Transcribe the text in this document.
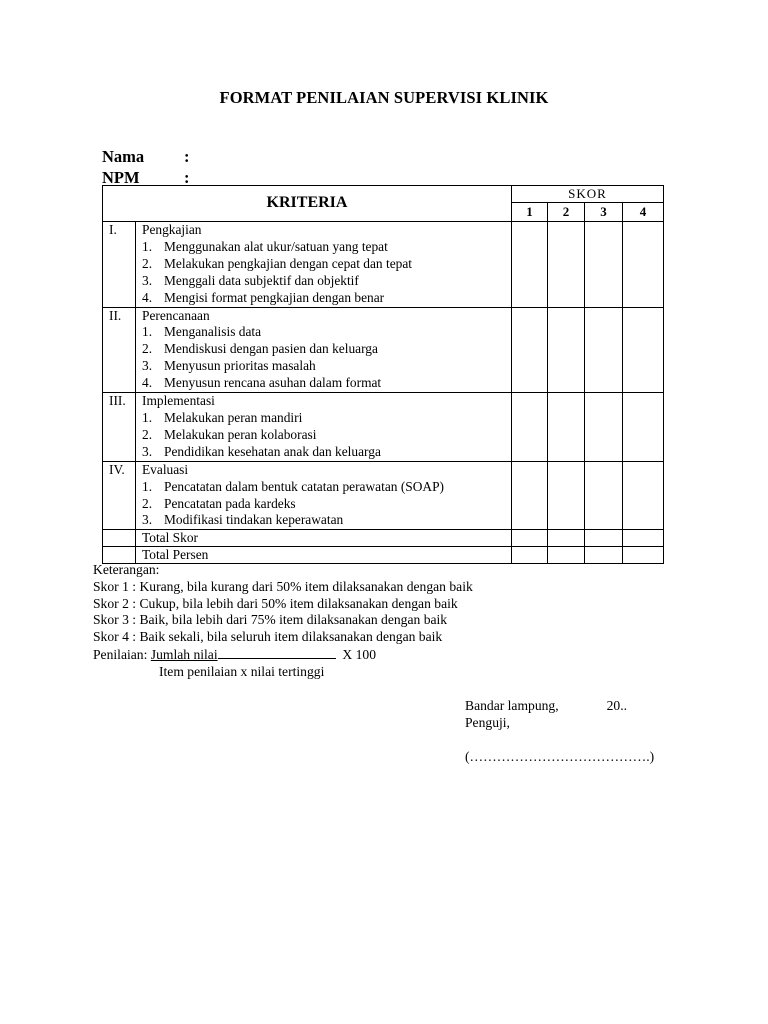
FORMAT PENILAIAN SUPERVISI KLINIK
Nama :
NPM	:
KRITERIA		SKOR			
		1	2	3	4
I.	Pengkajian
1. Menggunakan alat ukur/satuan yang tepat
2. Melakukan pengkajian dengan cepat dan tepat
3. Menggali data subjektif dan objektif
4. Mengisi format pengkajian dengan benar				

II.	Perencanaan
1. Menganalisis data
2. Mendiskusi dengan pasien dan keluarga
3. Menyusun prioritas masalah
4. Menyusun rencana asuhan dalam format				

III.	Implementasi
1. Melakukan peran mandiri
2. Melakukan peran kolaborasi
3. Pendidikan kesehatan anak dan keluarga				

IV.	Evaluasi
1. Pencatatan dalam bentuk catatan perawatan (SOAP)
2. Pencatatan pada kardeks
3. Modifikasi tindakan keperawatan				

	Total Skor				
	Total Persen				
Keterangan:
Skor 1 : Kurang, bila kurang dari 50% item dilaksanakan dengan baik
Skor 2 : Cukup, bila lebih dari 50% item dilaksanakan dengan baik
Skor 3 : Baik, bila lebih dari 75% item dilaksanakan dengan baik
Skor 4 : Baik sekali, bila seluruh item dilaksanakan dengan baik
Penilaian: Jumlah nilai	X 100
Item penilaian x nilai tertinggi
Bandar lampung,	20..
Penguji,
(………………………………….)
